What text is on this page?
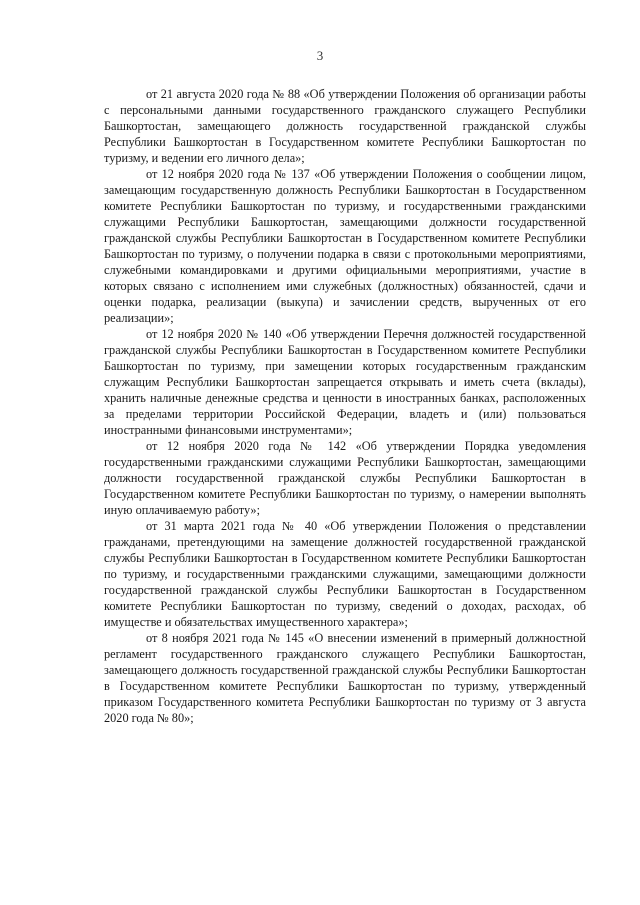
3

от 21 августа 2020 года № 88 «Об утверждении Положения об организации работы с персональными данными государственного гражданского служащего Республики Башкортостан, замещающего должность государственной гражданской службы Республики Башкортостан в Государственном комитете Республики Башкортостан по туризму, и ведении его личного дела»;

от 12 ноября 2020 года № 137 «Об утверждении Положения о сообщении лицом, замещающим государственную должность Республики Башкортостан в Государственном комитете Республики Башкортостан по туризму, и государственными гражданскими служащими Республики Башкортостан, замещающими должности государственной гражданской службы Республики Башкортостан в Государственном комитете Республики Башкортостан по туризму, о получении подарка в связи с протокольными мероприятиями, служебными командировками и другими официальными мероприятиями, участие в которых связано с исполнением ими служебных (должностных) обязанностей, сдачи и оценки подарка, реализации (выкупа) и зачислении средств, вырученных от его реализации»;

от 12 ноября 2020 № 140 «Об утверждении Перечня должностей государственной гражданской службы Республики Башкортостан в Государственном комитете Республики Башкортостан по туризму, при замещении которых государственным гражданским служащим Республики Башкортостан запрещается открывать и иметь счета (вклады), хранить наличные денежные средства и ценности в иностранных банках, расположенных за пределами территории Российской Федерации, владеть и (или) пользоваться иностранными финансовыми инструментами»;

от 12 ноября 2020 года № 142 «Об утверждении Порядка уведомления государственными гражданскими служащими Республики Башкортостан, замещающими должности государственной гражданской службы Республики Башкортостан в Государственном комитете Республики Башкортостан по туризму, о намерении выполнять иную оплачиваемую работу»;

от 31 марта 2021 года № 40 «Об утверждении Положения о представлении гражданами, претендующими на замещение должностей государственной гражданской службы Республики Башкортостан в Государственном комитете Республики Башкортостан по туризму, и государственными гражданскими служащими, замещающими должности государственной гражданской службы Республики Башкортостан в Государственном комитете Республики Башкортостан по туризму, сведений о доходах, расходах, об имуществе и обязательствах имущественного характера»;

от 8 ноября 2021 года № 145 «О внесении изменений в примерный должностной регламент государственного гражданского служащего Республики Башкортостан, замещающего должность государственной гражданской службы Республики Башкортостан в Государственном комитете Республики Башкортостан по туризму, утвержденный приказом Государственного комитета Республики Башкортостан по туризму от 3 августа 2020 года № 80»;
